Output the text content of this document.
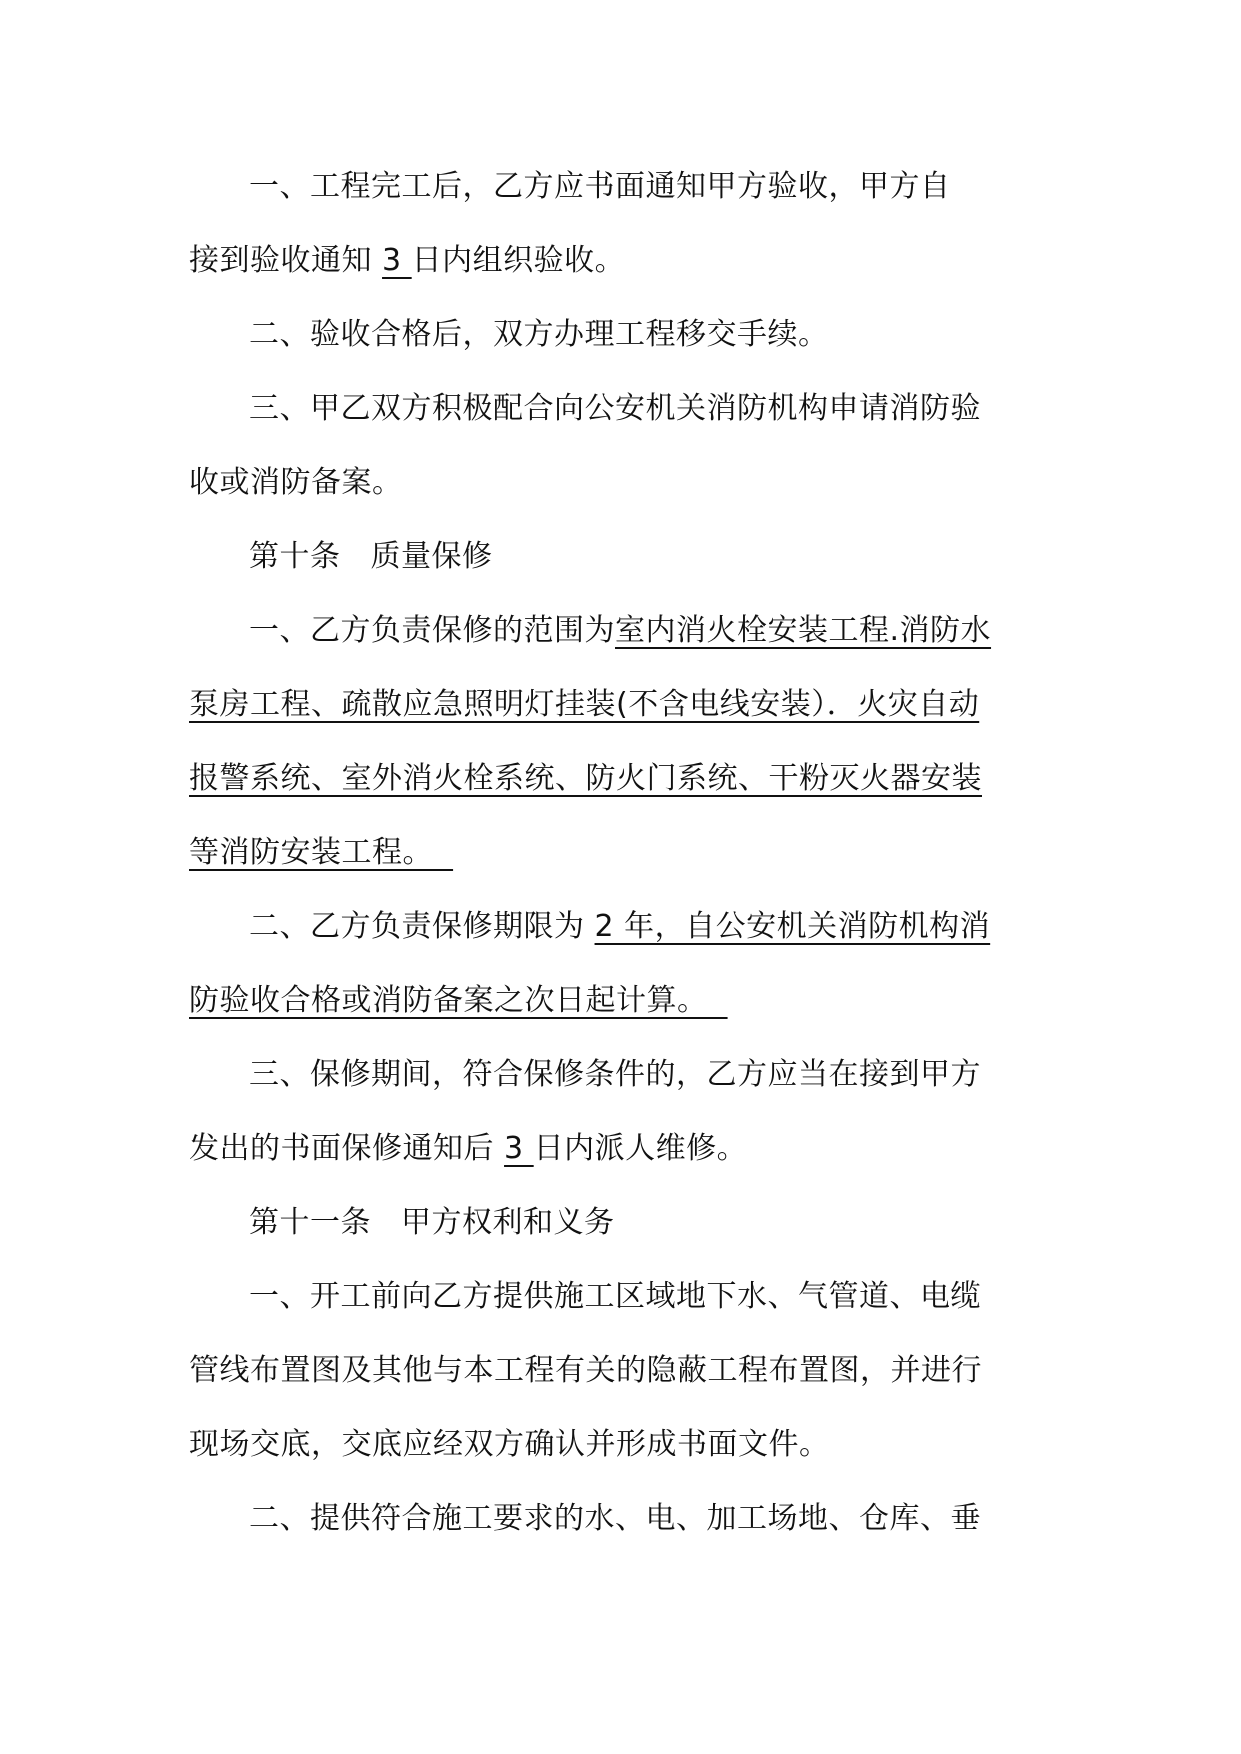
一、工程完工后，乙方应书面通知甲方验收，甲方自
接到验收通知 3 日内组织验收。
二、验收合格后，双方办理工程移交手续。
三、甲乙双方积极配合向公安机关消防机构申请消防验
收或消防备案。
第十条 质量保修
一、乙方负责保修的范围为室内消火栓安装工程.消防水
泵房工程、疏散应急照明灯挂装(不含电线安装）．火灾自动
报警系统、室外消火栓系统、防火门系统、干粉灭火器安装
等消防安装工程。
二、乙方负责保修期限为 2 年，自公安机关消防机构消
防验收合格或消防备案之次日起计算。
三、保修期间，符合保修条件的，乙方应当在接到甲方
发出的书面保修通知后 3 日内派人维修。
第十一条 甲方权利和义务
一、开工前向乙方提供施工区域地下水、气管道、电缆
管线布置图及其他与本工程有关的隐蔽工程布置图，并进行
现场交底，交底应经双方确认并形成书面文件。
二、提供符合施工要求的水、电、加工场地、仓库、垂
